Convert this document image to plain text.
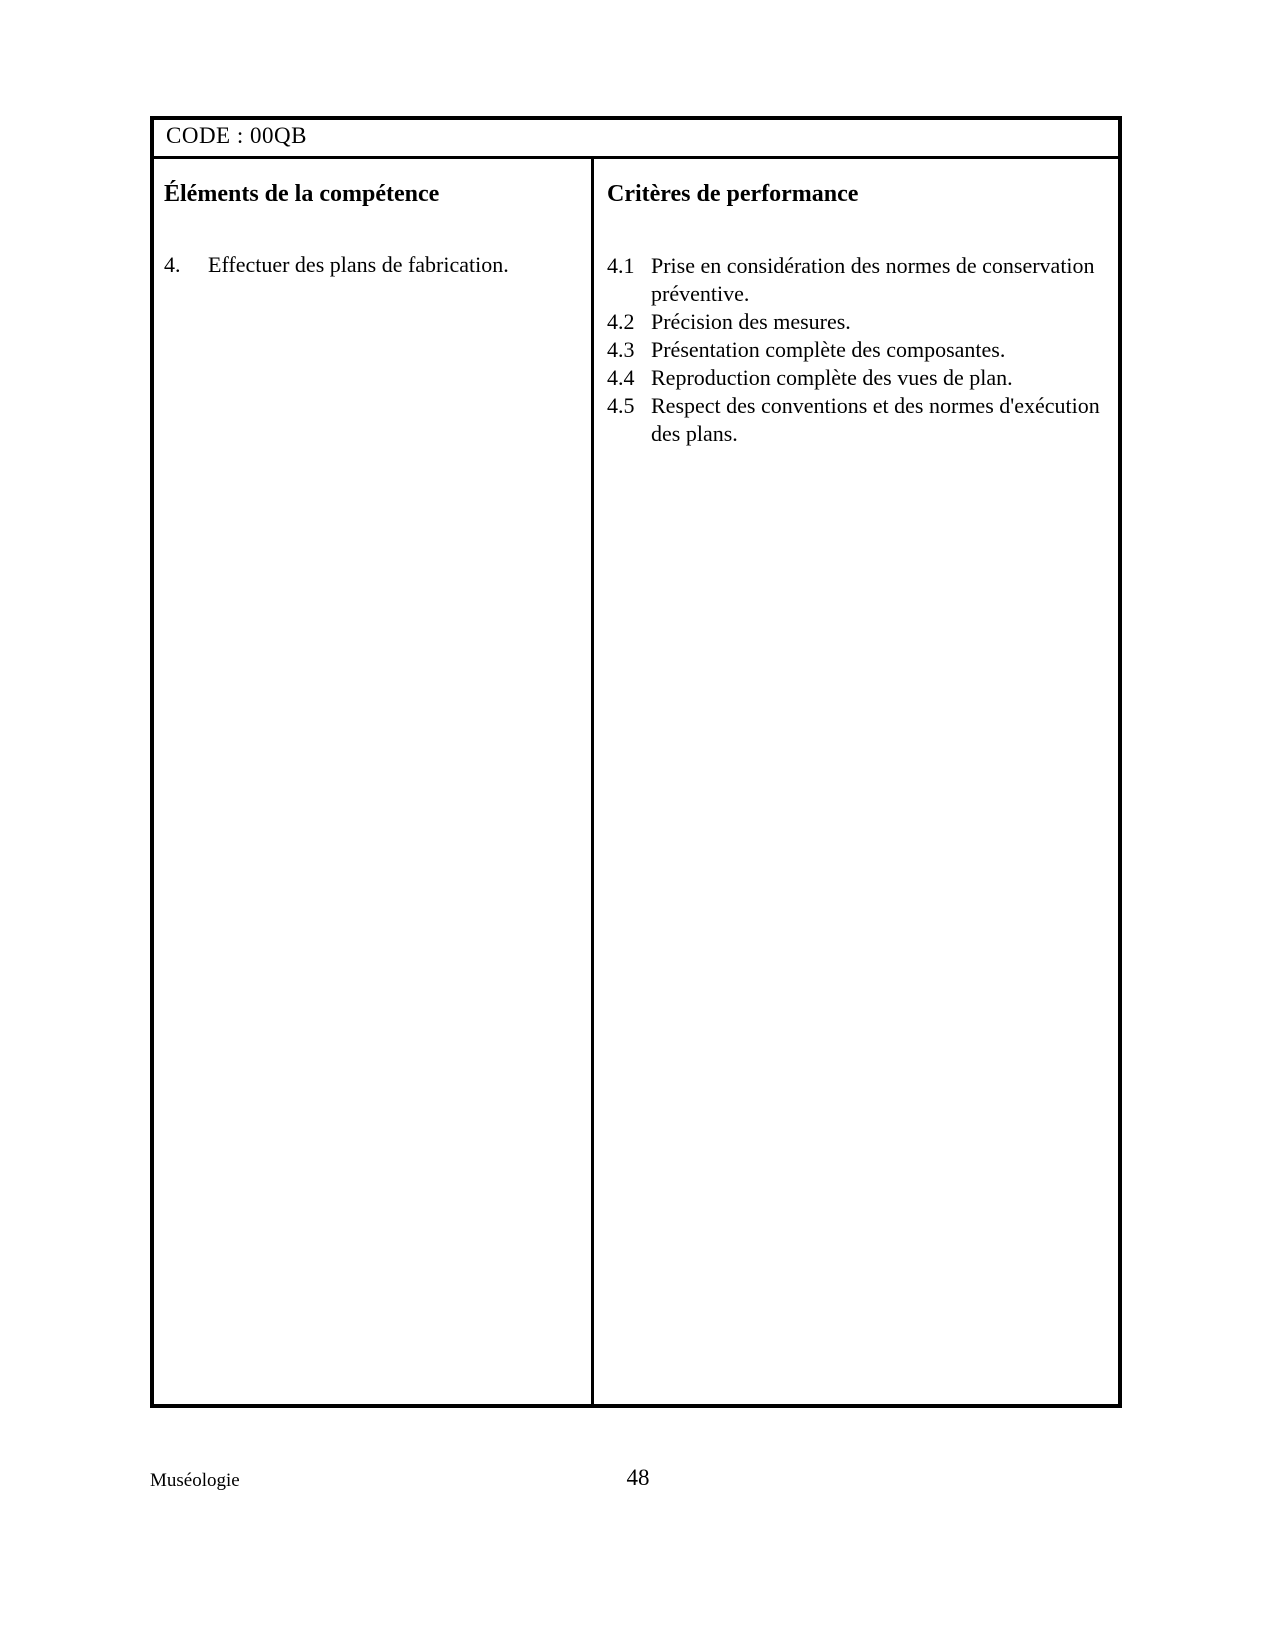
CODE : 00QB
Éléments de la compétence
4.	Effectuer des plans de fabrication.
Critères de performance
4.1 Prise en considération des normes de conservation préventive.
4.2 Précision des mesures.
4.3 Présentation complète des composantes.
4.4 Reproduction complète des vues de plan.
4.5 Respect des conventions et des normes d'exécution des plans.
Muséologie	48
